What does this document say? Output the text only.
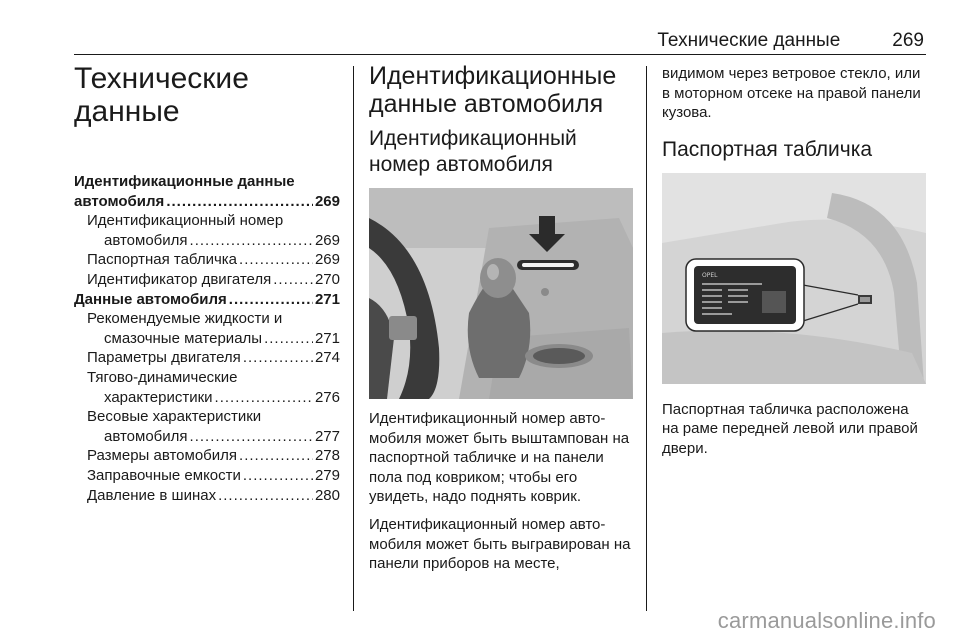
Технические данные	269
Технические
данные
Идентификационные данные
автомобиля .....	269
Идентификационный номер
автомобиля .....	269
Паспортная табличка .....	269
Идентификатор двигателя .....	270
Данные автомобиля .....	271
Рекомендуемые жидкости и
смазочные материалы .....	271
Параметры двигателя .....	274
Тягово-динамические
характеристики .....	276
Весовые характеристики
автомобиля .....	277
Размеры автомобиля .....	278
Заправочные емкости .....	279
Давление в шинах .....	280
Идентификационные
данные автомобиля
Идентификационный
номер автомобиля

Идентификационный номер автомобиля может быть выштампован на паспортной табличке и на панели пола под ковриком; чтобы его увидеть, надо поднять коврик.

Идентификационный номер автомобиля может быть выгравирован на панели приборов на месте,

видимом через ветровое стекло, или в моторном отсеке на правой панели кузова.

Паспортная табличка
OPEL

Паспортная табличка расположена на раме передней левой или правой двери.

carmanualsonline.info
